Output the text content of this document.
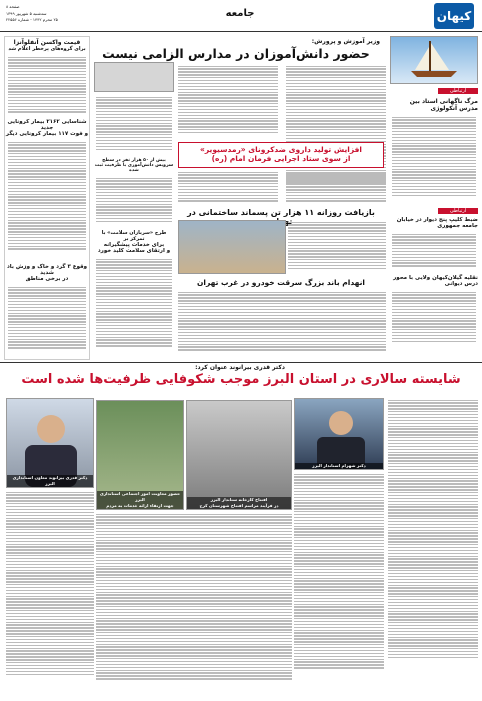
کیهان
جامعه
صفحه ۸
سه‌شنبه ۵ شهریور ۱۳۹۹
۲۵ محرم ۱۴۴۲ - شماره ۲۲۵۵۶
قیمت واکسن آنفلوآنزا
برای گروه‌های پرخطر اعلام شد
شناسایی ۲۱۶۲ بیمار کرونایی جدید
و فوت ۱۱۷ بیمار کرونایی دیگر
وقوع ۳ گرد و خاک و وزش باد شدید
در برخی مناطق
وزیر آموزش و پرورش:
حضور دانش‌آموزان در مدارس الزامی نیست
ارتباطی
مرگ ناگهانی استاد بین مدرس آنکولوژی
ارتباطی
ضبط کلیپ پنج دیوار در خیابان جامعه جمهوری
نقلیه گیلان‌کیهان ولایی با محور درس دیوانی
بیش از ۵۰ هزار نفر در سطح
سرویس دانش‌آموزی با ظرفیت ثبت شده
طرح «سربازان سلامت» با تمرکز بر
برای خدمات پیشگیرانه
و ارتقای سلامت کلید خورد
افزایش تولید داروی ضدکرونای «رمدسیویر»
از سوی ستاد اجرایی فرمان امام (ره)
بازیافت روزانه ۱۱ هزار تن پسماند ساختمانی در
انهدام باند بزرگ سرقت خودرو در غرب تهران
دکتر قدری بیرانوند عنوان کرد:
شایسته سالاری در استان البرز موجب شکوفایی ظرفیت‌ها شده است
دکتر قدری بیرانوند معاون استانداری البرز
حضور معاونت امور اجتماعی استانداری البرز
جهت ارتقاء ارائه خدمات به مردم
افتتاح کارخانه ستاندار البرز
در فرآیند مراسم افتتاح شهرستان کرج
دکتر شهرام استاندار البرز
